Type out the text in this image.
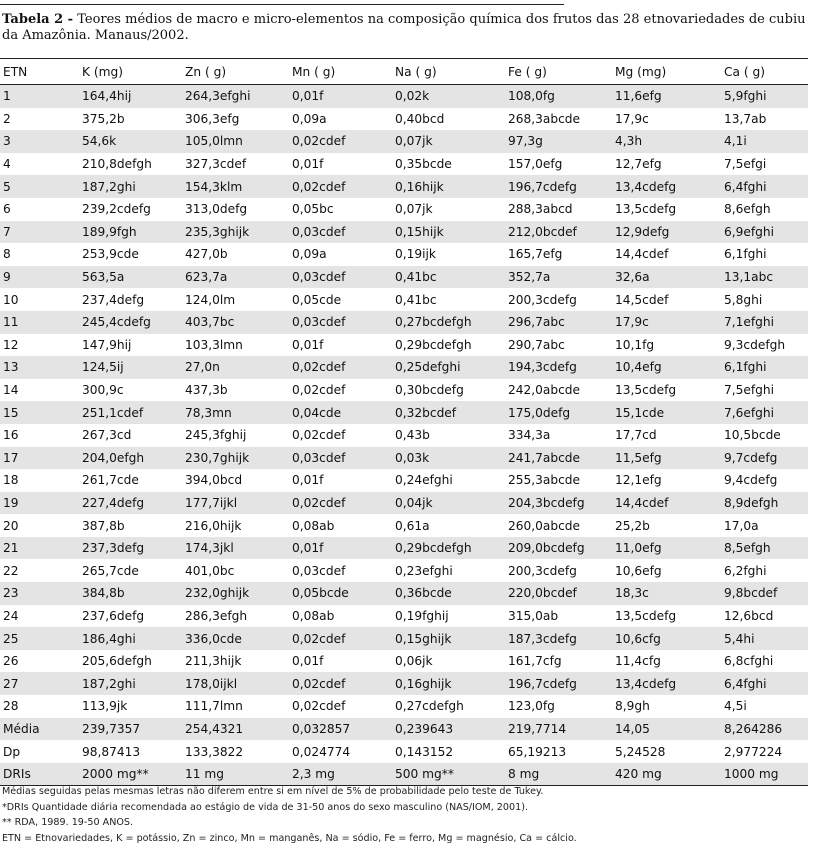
Tabela 2 - Teores médios de macro e micro-elementos na composição química dos frutos das 28 etnovariedades de cubiu da Amazônia. Manaus/2002.
ETN	K (mg)	Zn ( g)	Mn ( g)	Na ( g)	Fe ( g)	Mg (mg)	Ca ( g)
1	164,4hij	264,3efghi	0,01f	0,02k	108,0fg	11,6efg	5,9fghi
2	375,2b	306,3efg	0,09a	0,40bcd	268,3abcde	17,9c	13,7ab
3	54,6k	105,0lmn	0,02cdef	0,07jk	97,3g	4,3h	4,1i
4	210,8defgh	327,3cdef	0,01f	0,35bcde	157,0efg	12,7efg	7,5efgi
5	187,2ghi	154,3klm	0,02cdef	0,16hijk	196,7cdefg	13,4cdefg	6,4fghi
6	239,2cdefg	313,0defg	0,05bc	0,07jk	288,3abcd	13,5cdefg	8,6efgh
7	189,9fgh	235,3ghijk	0,03cdef	0,15hijk	212,0bcdef	12,9defg	6,9efghi
8	253,9cde	427,0b	0,09a	0,19ijk	165,7efg	14,4cdef	6,1fghi
9	563,5a	623,7a	0,03cdef	0,41bc	352,7a	32,6a	13,1abc
10	237,4defg	124,0lm	0,05cde	0,41bc	200,3cdefg	14,5cdef	5,8ghi
11	245,4cdefg	403,7bc	0,03cdef	0,27bcdefgh	296,7abc	17,9c	7,1efghi
12	147,9hij	103,3lmn	0,01f	0,29bcdefgh	290,7abc	10,1fg	9,3cdefgh
13	124,5ij	27,0n	0,02cdef	0,25defghi	194,3cdefg	10,4efg	6,1fghi
14	300,9c	437,3b	0,02cdef	0,30bcdefg	242,0abcde	13,5cdefg	7,5efghi
15	251,1cdef	78,3mn	0,04cde	0,32bcdef	175,0defg	15,1cde	7,6efghi
16	267,3cd	245,3fghij	0,02cdef	0,43b	334,3a	17,7cd	10,5bcde
17	204,0efgh	230,7ghijk	0,03cdef	0,03k	241,7abcde	11,5efg	9,7cdefg
18	261,7cde	394,0bcd	0,01f	0,24efghi	255,3abcde	12,1efg	9,4cdefg
19	227,4defg	177,7ijkl	0,02cdef	0,04jk	204,3bcdefg	14,4cdef	8,9defgh
20	387,8b	216,0hijk	0,08ab	0,61a	260,0abcde	25,2b	17,0a
21	237,3defg	174,3jkl	0,01f	0,29bcdefgh	209,0bcdefg	11,0efg	8,5efgh
22	265,7cde	401,0bc	0,03cdef	0,23efghi	200,3cdefg	10,6efg	6,2fghi
23	384,8b	232,0ghijk	0,05bcde	0,36bcde	220,0bcdef	18,3c	9,8bcdef
24	237,6defg	286,3efgh	0,08ab	0,19fghij	315,0ab	13,5cdefg	12,6bcd
25	186,4ghi	336,0cde	0,02cdef	0,15ghijk	187,3cdefg	10,6cfg	5,4hi
26	205,6defgh	211,3hijk	0,01f	0,06jk	161,7cfg	11,4cfg	6,8cfghi
27	187,2ghi	178,0ijkl	0,02cdef	0,16ghijk	196,7cdefg	13,4cdefg	6,4fghi
28	113,9jk	111,7lmn	0,02cdef	0,27cdefgh	123,0fg	8,9gh	4,5i
Média	239,7357	254,4321	0,032857	0,239643	219,7714	14,05	8,264286
Dp	98,87413	133,3822	0,024774	0,143152	65,19213	5,24528	2,977224
DRIs	2000 mg**	11 mg	2,3 mg	500 mg**	8 mg	420 mg	1000 mg
Médias seguidas pelas mesmas letras não diferem entre si em nível de 5% de probabilidade pelo teste de Tukey.
*DRIs Quantidade diária recomendada ao estágio de vida de 31-50 anos do sexo masculino (NAS/IOM, 2001).
** RDA, 1989. 19-50 ANOS.
ETN = Etnovariedades, K = potássio, Zn = zinco, Mn = manganês, Na = sódio, Fe = ferro, Mg = magnésio, Ca = cálcio.
